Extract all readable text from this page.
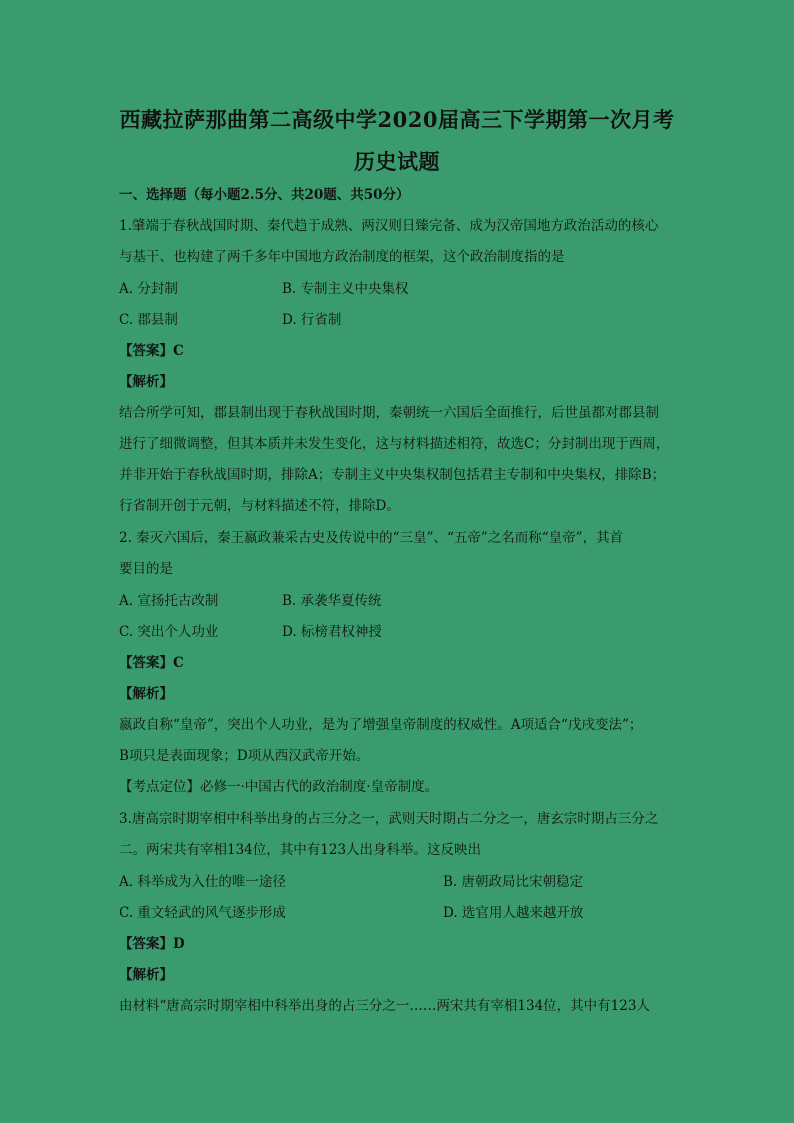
西藏拉萨那曲第二高级中学2020届高三下学期第一次月考
历史试题
一、选择题（每小题2.5分、共20题、共50分）
1.肇端于春秋战国时期、秦代趋于成熟、两汉则日臻完备、成为汉帝国地方政治活动的核心
与基干、也构建了两千多年中国地方政治制度的框架，这个政治制度指的是
A. 分封制	B. 专制主义中央集权
C. 郡县制	D. 行省制
【答案】C
【解析】
结合所学可知，郡县制出现于春秋战国时期，秦朝统一六国后全面推行，后世虽都对郡县制
进行了细微调整，但其本质并未发生变化，这与材料描述相符，故选C；分封制出现于西周，
并非开始于春秋战国时期，排除A；专制主义中央集权制包括君主专制和中央集权，排除B；
行省制开创于元朝，与材料描述不符，排除D。
2. 秦灭六国后，秦王嬴政兼采古史及传说中的“三皇”、“五帝”之名而称“皇帝”，其首
要目的是
A. 宣扬托古改制	B. 承袭华夏传统
C. 突出个人功业	D. 标榜君权神授
【答案】C
【解析】
嬴政自称“皇帝”，突出个人功业，是为了增强皇帝制度的权威性。A项适合“戊戌变法”；
B项只是表面现象；D项从西汉武帝开始。
【考点定位】必修一·中国古代的政治制度·皇帝制度。
3.唐高宗时期宰相中科举出身的占三分之一，武则天时期占二分之一，唐玄宗时期占三分之
二。两宋共有宰相134位，其中有123人出身科举。这反映出
A. 科举成为入仕的唯一途径	B. 唐朝政局比宋朝稳定
C. 重文轻武的风气逐步形成	D. 选官用人越来越开放
【答案】D
【解析】
由材料“唐高宗时期宰相中科举出身的占三分之一……两宋共有宰相134位，其中有123人
